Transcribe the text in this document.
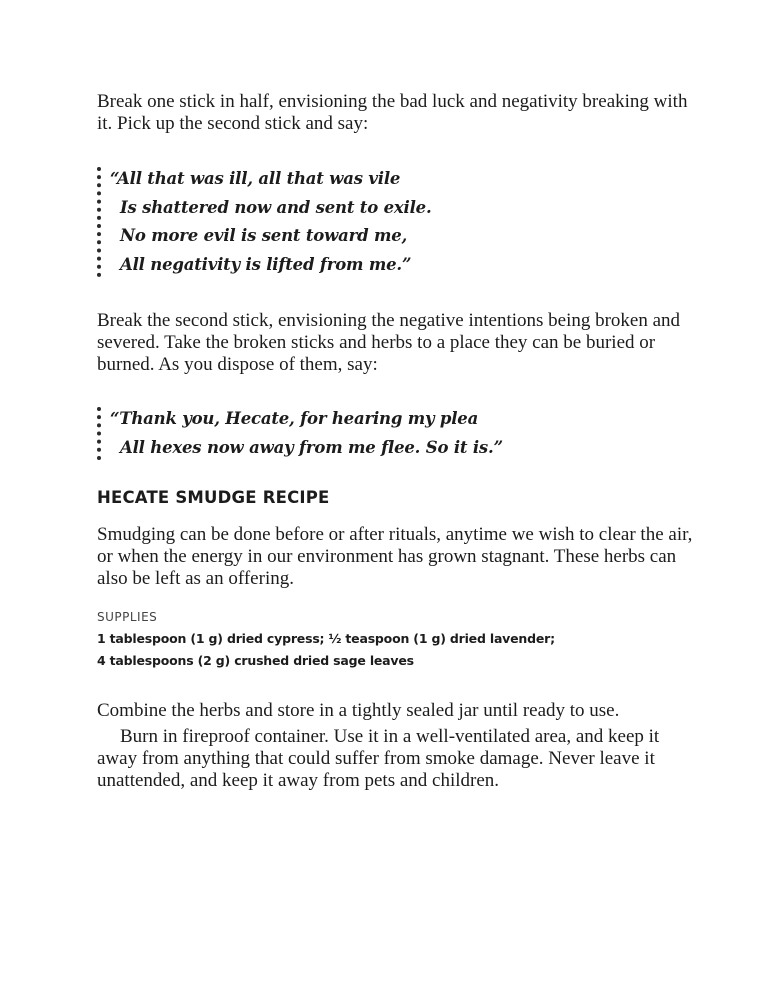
Break one stick in half, envisioning the bad luck and negativity breaking with it. Pick up the second stick and say:

“All that was ill, all that was vile
Is shattered now and sent to exile.
No more evil is sent toward me,
All negativity is lifted from me.”

Break the second stick, envisioning the negative intentions being broken and severed. Take the broken sticks and herbs to a place they can be buried or burned. As you dispose of them, say:

“Thank you, Hecate, for hearing my plea
All hexes now away from me flee. So it is.”
HECATE SMUDGE RECIPE

Smudging can be done before or after rituals, anytime we wish to clear the air, or when the energy in our environment has grown stagnant. These herbs can also be left as an offering.

SUPPLIES
1 tablespoon (1 g) dried cypress; ½ teaspoon (1 g) dried lavender;
4 tablespoons (2 g) crushed dried sage leaves

Combine the herbs and store in a tightly sealed jar until ready to use.

Burn in fireproof container. Use it in a well-ventilated area, and keep it away from anything that could suffer from smoke damage. Never leave it unattended, and keep it away from pets and children.
